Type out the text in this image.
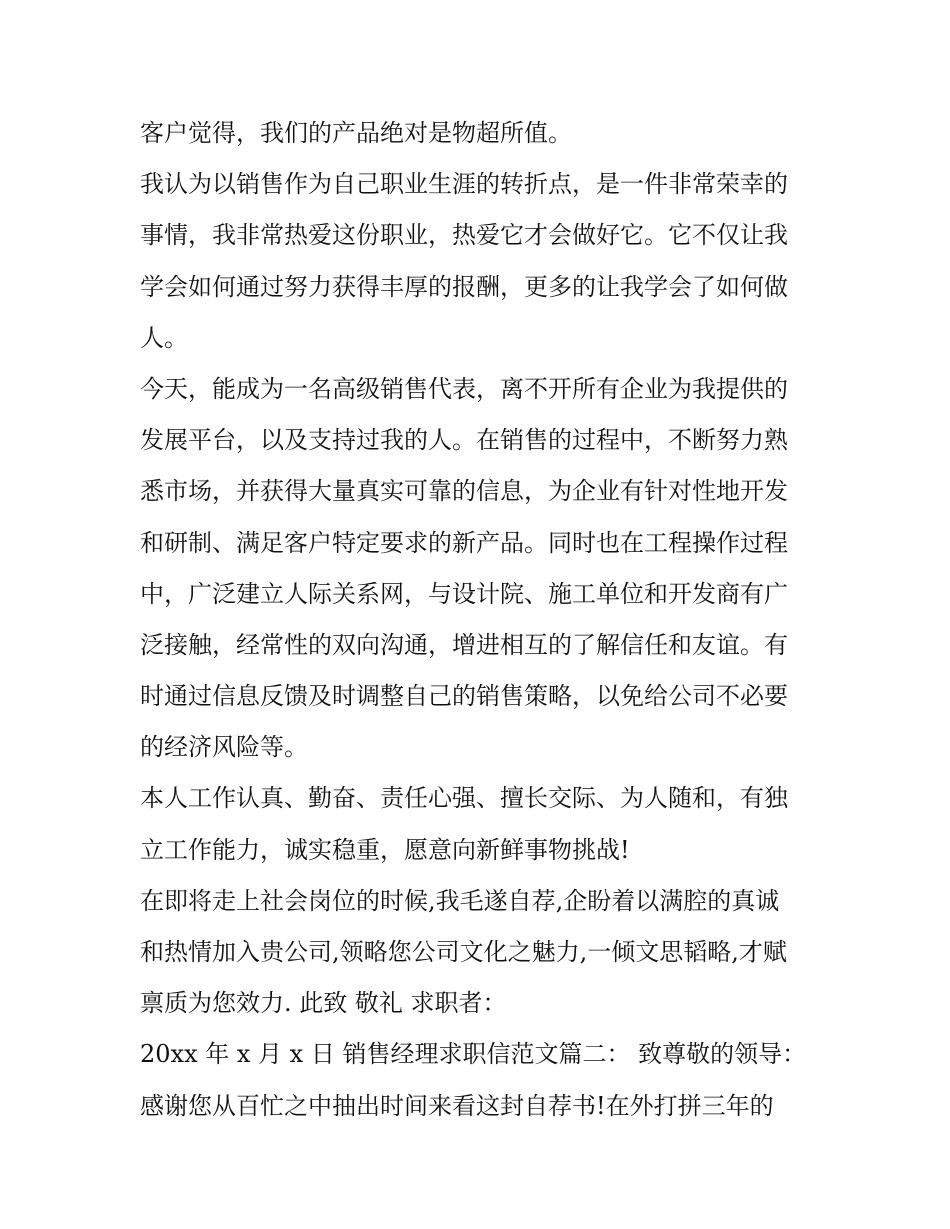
客户觉得，我们的产品绝对是物超所值。
我认为以销售作为自己职业生涯的转折点，是一件非常荣幸的
事情，我非常热爱这份职业，热爱它才会做好它。它不仅让我
学会如何通过努力获得丰厚的报酬，更多的让我学会了如何做
人。
今天，能成为一名高级销售代表，离不开所有企业为我提供的
发展平台，以及支持过我的人。在销售的过程中，不断努力熟
悉市场，并获得大量真实可靠的信息，为企业有针对性地开发
和研制、满足客户特定要求的新产品。同时也在工程操作过程
中，广泛建立人际关系网，与设计院、施工单位和开发商有广
泛接触，经常性的双向沟通，增进相互的了解信任和友谊。有
时通过信息反馈及时调整自己的销售策略，以免给公司不必要
的经济风险等。
本人工作认真、勤奋、责任心强、擅长交际、为人随和，有独
立工作能力，诚实稳重，愿意向新鲜事物挑战!
在即将走上社会岗位的时候,我毛遂自荐,企盼着以满腔的真诚
和热情加入贵公司,领略您公司文化之魅力,一倾文思韬略,才赋
禀质为您效力. 此致 敬礼 求职者：
20xx 年 x 月 x 日 销售经理求职信范文篇二： 致尊敬的领导：
感谢您从百忙之中抽出时间来看这封自荐书!在外打拼三年的
